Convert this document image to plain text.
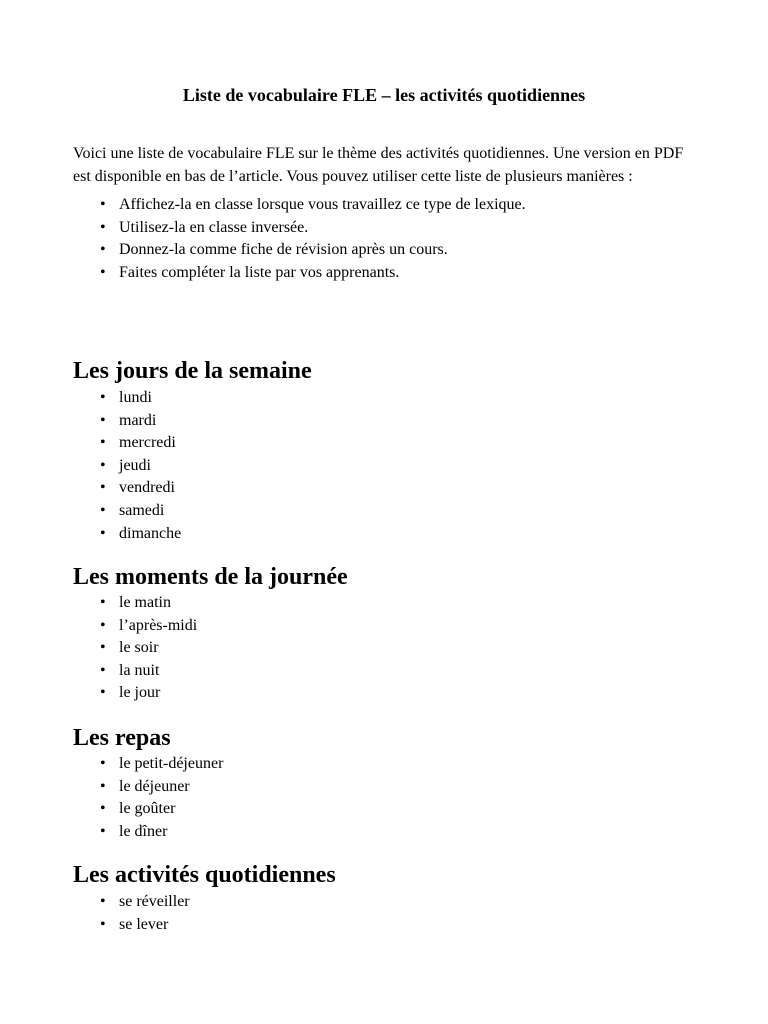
Liste de vocabulaire FLE – les activités quotidiennes

Voici une liste de vocabulaire FLE sur le thème des activités quotidiennes. Une version en PDF est disponible en bas de l’article. Vous pouvez utiliser cette liste de plusieurs manières :

• Affichez-la en classe lorsque vous travaillez ce type de lexique.
• Utilisez-la en classe inversée.
• Donnez-la comme fiche de révision après un cours.
• Faites compléter la liste par vos apprenants.
Les jours de la semaine
• lundi
• mardi
• mercredi
• jeudi
• vendredi
• samedi
• dimanche
Les moments de la journée
• le matin
• l’après-midi
• le soir
• la nuit
• le jour
Les repas
• le petit-déjeuner
• le déjeuner
• le goûter
• le dîner
Les activités quotidiennes
• se réveiller
• se lever
